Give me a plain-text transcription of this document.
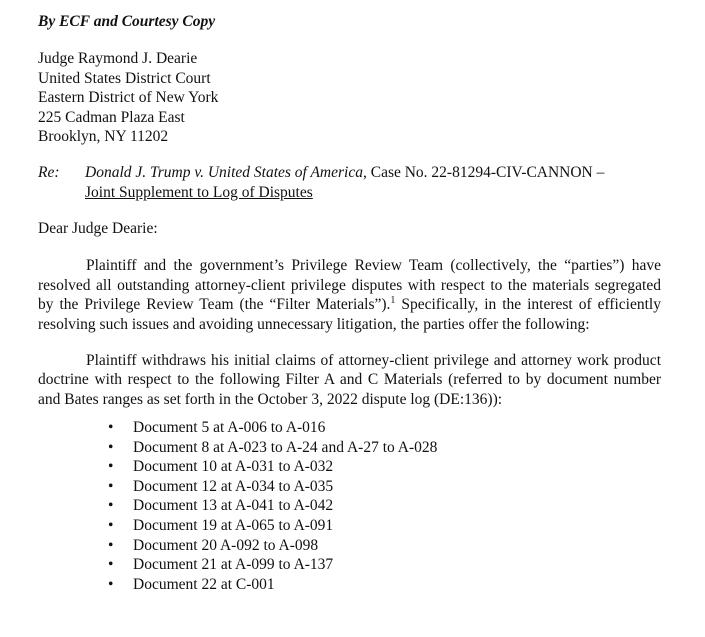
By ECF and Courtesy Copy
Judge Raymond J. Dearie
United States District Court
Eastern District of New York
225 Cadman Plaza East
Brooklyn, NY 11202
Re: Donald J. Trump v. United States of America, Case No. 22-81294-CIV-CANNON –
Joint Supplement to Log of Disputes
Dear Judge Dearie:
Plaintiff and the government’s Privilege Review Team (collectively, the “parties”) have
resolved all outstanding attorney-client privilege disputes with respect to the materials segregated
by the Privilege Review Team (the “Filter Materials”).$^1$ Specifically, in the interest of efficiently
resolving such issues and avoiding unnecessary litigation, the parties offer the following:
Plaintiff withdraws his initial claims of attorney-client privilege and attorney work product
doctrine with respect to the following Filter A and C Materials (referred to by document number
and Bates ranges as set forth in the October 3, 2022 dispute log (DE:136)):
• Document 5 at A-006 to A-016
• Document 8 at A-023 to A-24 and A-27 to A-028
• Document 10 at A-031 to A-032
• Document 12 at A-034 to A-035
• Document 13 at A-041 to A-042
• Document 19 at A-065 to A-091
• Document 20 A-092 to A-098
• Document 21 at A-099 to A-137
• Document 22 at C-001
